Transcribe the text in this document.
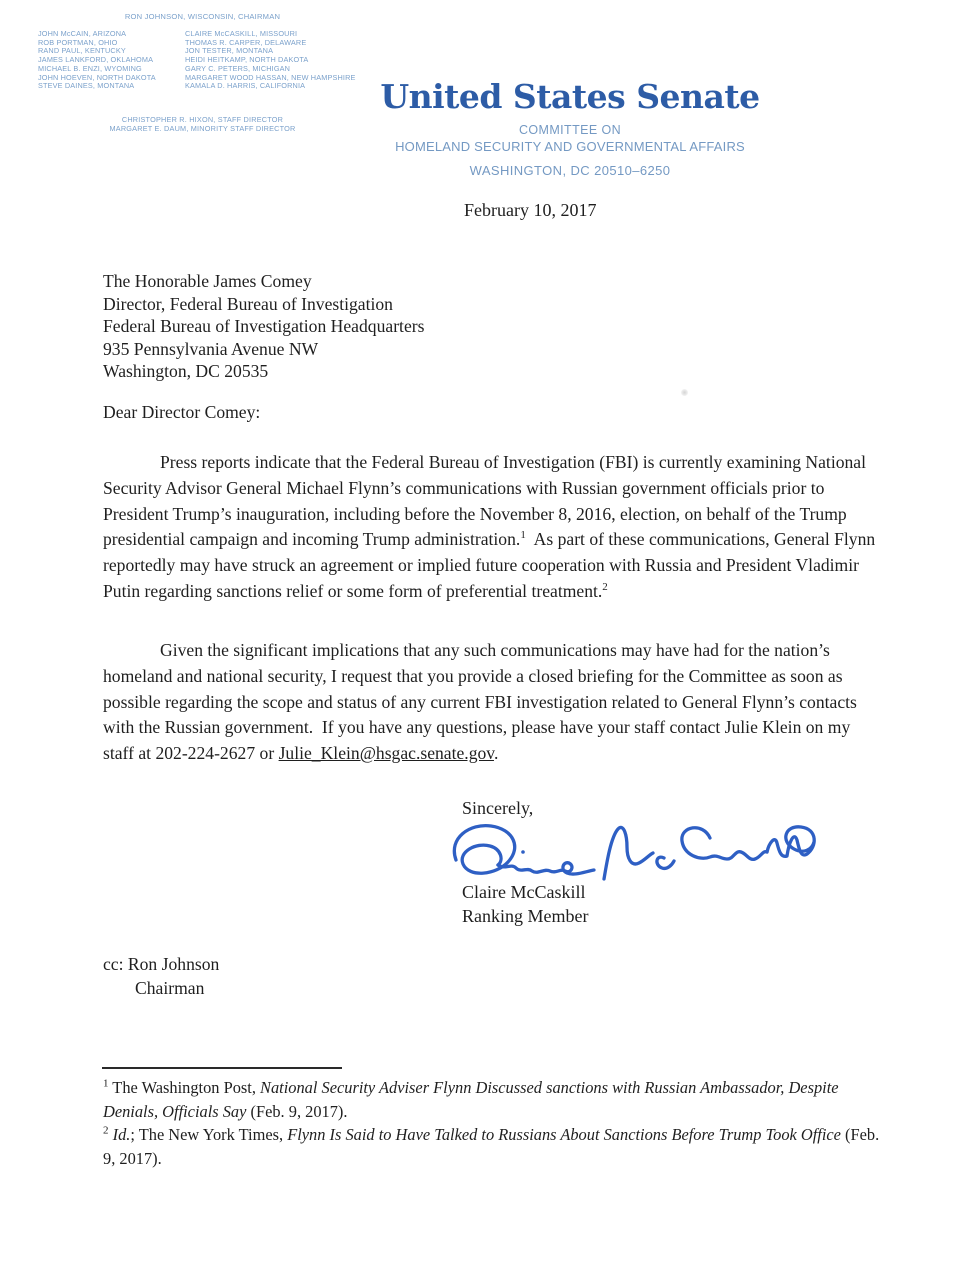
RON JOHNSON, WISCONSIN, CHAIRMAN
JOHN McCAIN, ARIZONA
ROB PORTMAN, OHIO
RAND PAUL, KENTUCKY
JAMES LANKFORD, OKLAHOMA
MICHAEL B. ENZI, WYOMING
JOHN HOEVEN, NORTH DAKOTA
STEVE DAINES, MONTANA
CLAIRE McCASKILL, MISSOURI
THOMAS R. CARPER, DELAWARE
JON TESTER, MONTANA
HEIDI HEITKAMP, NORTH DAKOTA
GARY C. PETERS, MICHIGAN
MARGARET WOOD HASSAN, NEW HAMPSHIRE
KAMALA D. HARRIS, CALIFORNIA
CHRISTOPHER R. HIXON, STAFF DIRECTOR
MARGARET E. DAUM, MINORITY STAFF DIRECTOR
United States Senate
COMMITTEE ON
HOMELAND SECURITY AND GOVERNMENTAL AFFAIRS
WASHINGTON, DC 20510–6250
February 10, 2017
The Honorable James Comey
Director, Federal Bureau of Investigation
Federal Bureau of Investigation Headquarters
935 Pennsylvania Avenue NW
Washington, DC 20535
Dear Director Comey:

Press reports indicate that the Federal Bureau of Investigation (FBI) is currently examining National Security Advisor General Michael Flynn’s communications with Russian government officials prior to President Trump’s inauguration, including before the November 8, 2016, election, on behalf of the Trump presidential campaign and incoming Trump administration.$^1$  As part of these communications, General Flynn reportedly may have struck an agreement or implied future cooperation with Russia and President Vladimir Putin regarding sanctions relief or some form of preferential treatment.$^2$

Given the significant implications that any such communications may have had for the nation’s homeland and national security, I request that you provide a closed briefing for the Committee as soon as possible regarding the scope and status of any current FBI investigation related to General Flynn’s contacts with the Russian government.  If you have any questions, please have your staff contact Julie Klein on my staff at 202-224-2627 or Julie_Klein@hsgac.senate.gov.

Sincerely,
Claire McCaskill
Ranking Member
cc: Ron Johnson
Chairman

$^1$ The Washington Post, National Security Adviser Flynn Discussed sanctions with Russian Ambassador, Despite Denials, Officials Say (Feb. 9, 2017).

$^2$ Id.; The New York Times, Flynn Is Said to Have Talked to Russians About Sanctions Before Trump Took Office (Feb. 9, 2017).
